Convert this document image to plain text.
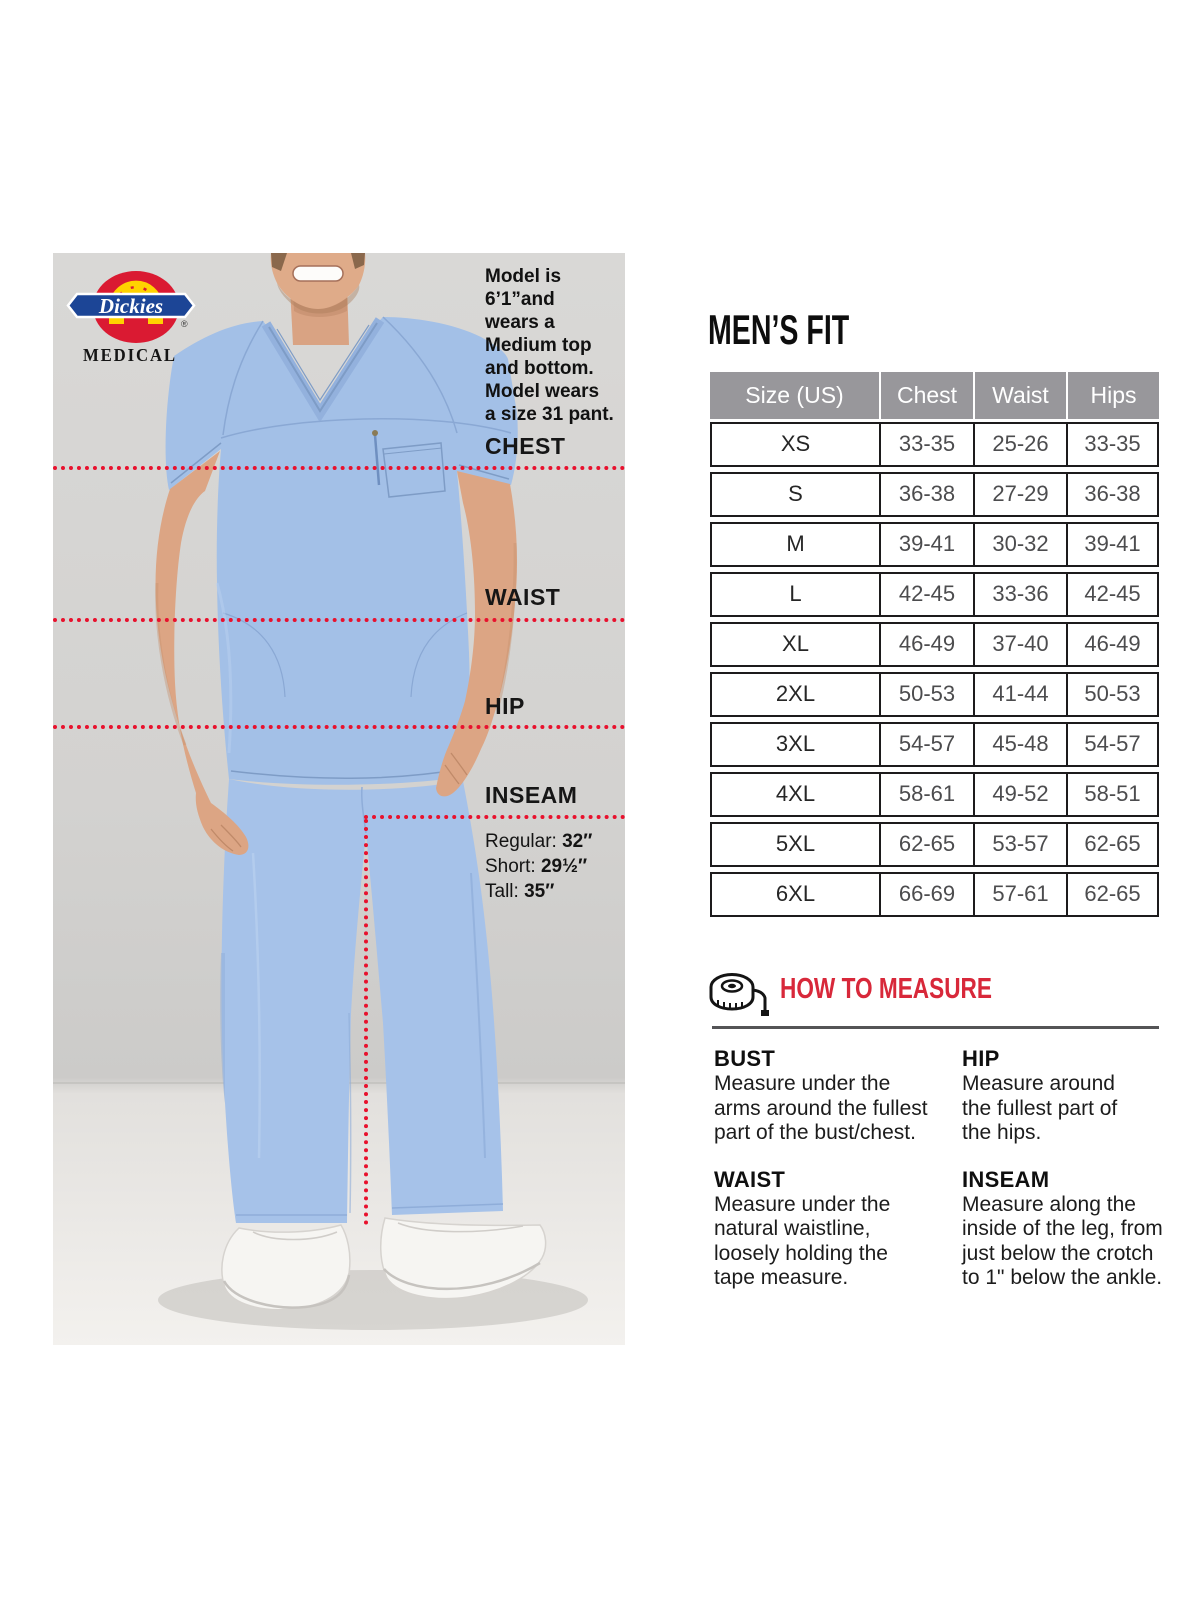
Dickies
®
MEDICAL
Model is
6’1”and
wears a
Medium top
and bottom.
Model wears
a size 31 pant.
CHEST
WAIST
HIP
INSEAM
Regular: 32″
Short: 29½″
Tall: 35″
MEN’S FIT
Size (US)	Chest	Waist	Hips
XS	33-35	25-26	33-35
S	36-38	27-29	36-38
M	39-41	30-32	39-41
L	42-45	33-36	42-45
XL	46-49	37-40	46-49
2XL	50-53	41-44	50-53
3XL	54-57	45-48	54-57
4XL	58-61	49-52	58-51
5XL	62-65	53-57	62-65
6XL	66-69	57-61	62-65
HOW TO MEASURE
BUST
Measure under the
arms around the fullest
part of the bust/chest.
WAIST
Measure under the
natural waistline,
loosely holding the
tape measure.
HIP
Measure around
the fullest part of
the hips.
INSEAM
Measure along the
inside of the leg, from
just below the crotch
to 1" below the ankle.
